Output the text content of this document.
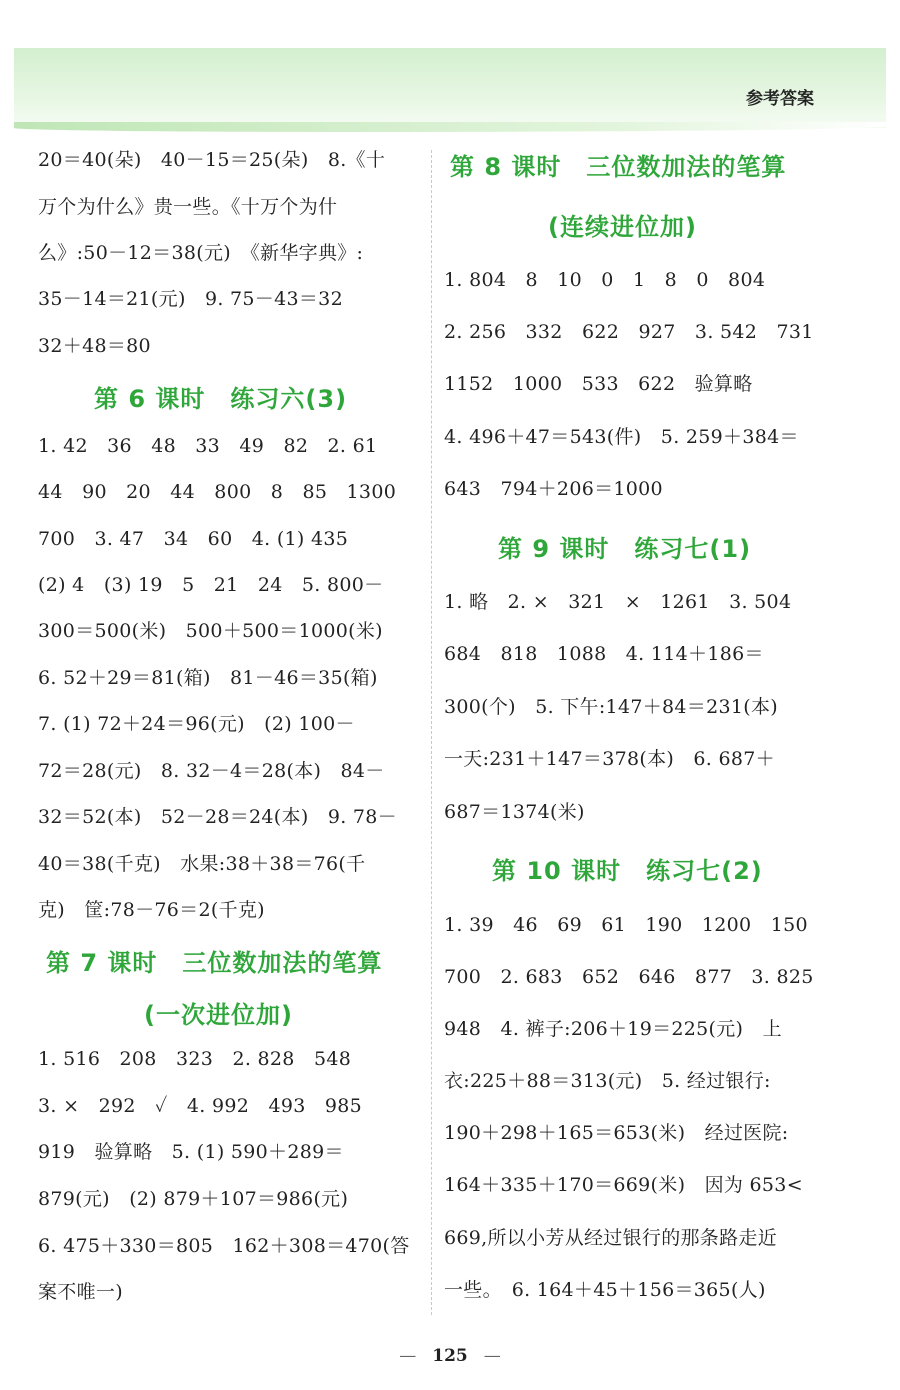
参考答案
20＝40(朵)　40－15＝25(朵)　8.《十
万个为什么》贵一些。《十万个为什
么》:50－12＝38(元)　《新华字典》:
35－14＝21(元)　9. 75－43＝32
32＋48＝80
第 6 课时　练习六(3)
1. 42　36　48　33　49　82　2. 61
44　90　20　44　800　8　85　1300
700　3. 47　34　60　4. (1) 435
(2) 4　(3) 19　5　21　24　5. 800－
300＝500(米)　500＋500＝1000(米)
6. 52＋29＝81(箱)　81－46＝35(箱)
7. (1) 72＋24＝96(元)　(2) 100－
72＝28(元)　8. 32－4＝28(本)　84－
32＝52(本)　52－28＝24(本)　9. 78－
40＝38(千克)　水果:38＋38＝76(千
克)　筐:78－76＝2(千克)
第 7 课时　三位数加法的笔算
(一次进位加)
1. 516　208　323　2. 828　548
3. ×　292　✓　4. 992　493　985
919　验算略　5. (1) 590＋289＝
879(元)　(2) 879＋107＝986(元)
6. 475＋330＝805　162＋308＝470(答
案不唯一)
第 8 课时　三位数加法的笔算
(连续进位加)
1. 804　8　10　0　1　8　0　804
2. 256　332　622　927　3. 542　731
1152　1000　533　622　验算略
4. 496＋47＝543(件)　5. 259＋384＝
643　794＋206＝1000
第 9 课时　练习七(1)
1. 略　2. ×　321　×　1261　3. 504
684　818　1088　4. 114＋186＝
300(个)　5. 下午:147＋84＝231(本)
一天:231＋147＝378(本)　6. 687＋
687＝1374(米)
第 10 课时　练习七(2)
1. 39　46　69　61　190　1200　150
700　2. 683　652　646　877　3. 825
948　4. 裤子:206＋19＝225(元)　上
衣:225＋88＝313(元)　5. 经过银行:
190＋298＋165＝653(米)　经过医院:
164＋335＋170＝669(米)　因为 653<
669,所以小芳从经过银行的那条路走近
一些。　6. 164＋45＋156＝365(人)
— 125 —
